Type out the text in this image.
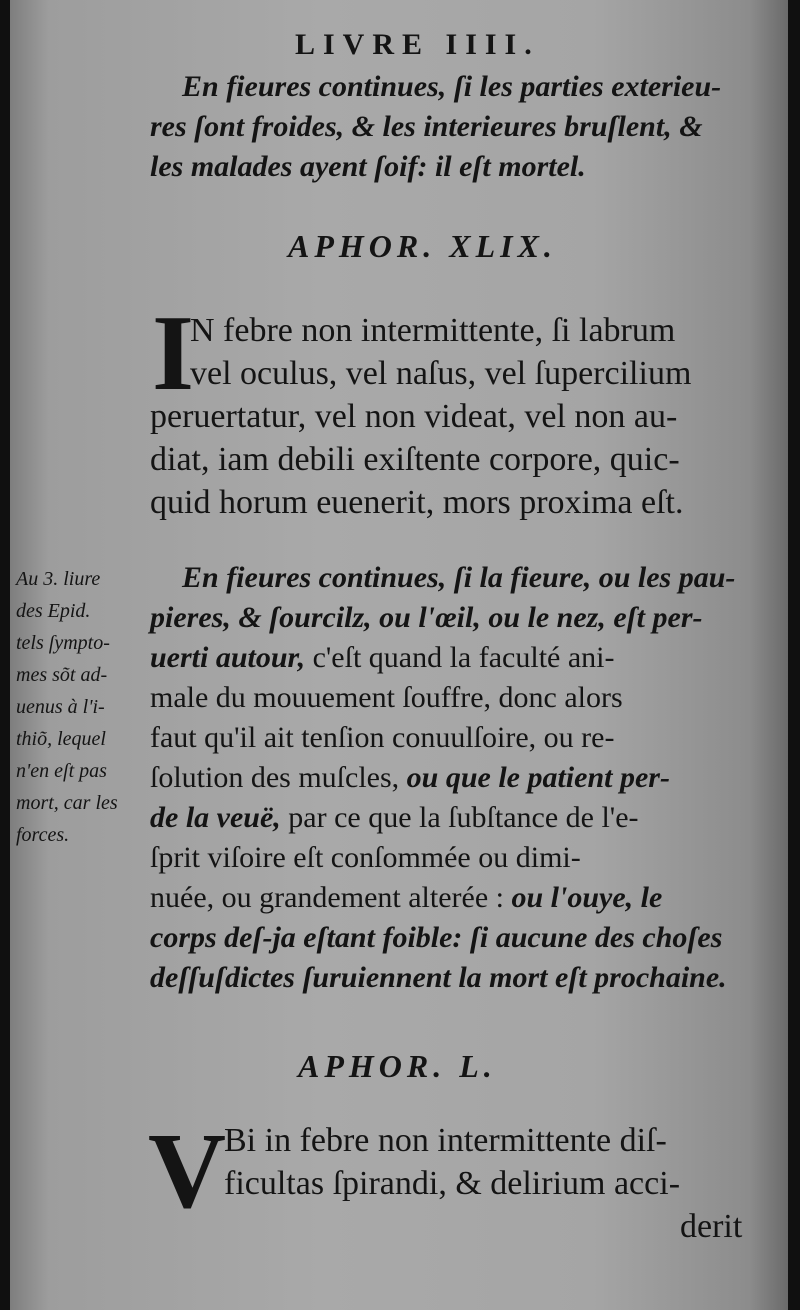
LIVRE IIII.
En fieures continues, ſi les parties exterieu-
res ſont froides, & les interieures bruſlent, &
les malades ayent ſoif: il eſt mortel.
APHOR. XLIX.
I
N febre non intermittente, ſi labrum
vel oculus, vel naſus, vel ſupercilium
peruertatur, vel non videat, vel non au-
diat, iam debili exiſtente corpore, quic-
quid horum euenerit, mors proxima eſt.
Au 3. liure
des Epid.
tels ſympto-
mes sõt ad-
uenus à l'i-
thiõ, lequel
n'en eſt pas
mort, car les
forces.
En fieures continues, ſi la fieure, ou les pau-
pieres, & ſourcilz, ou l'œil, ou le nez, eſt per-
uerti autour, c'eſt quand la faculté ani-
male du mouuement ſouffre, donc alors
faut qu'il ait tenſion conuulſoire, ou re-
ſolution des muſcles, ou que le patient per-
de la veuë, par ce que la ſubſtance de l'e-
ſprit viſoire eſt conſommée ou dimi-
nuée, ou grandement alterée : ou l'ouye, le
corps deſ-ja eſtant foible: ſi aucune des choſes
deſſuſdictes ſuruiennent la mort eſt prochaine.
APHOR. L.
V
Bi in febre non intermittente diſ-
ficultas ſpirandi, & delirium acci-
derit
